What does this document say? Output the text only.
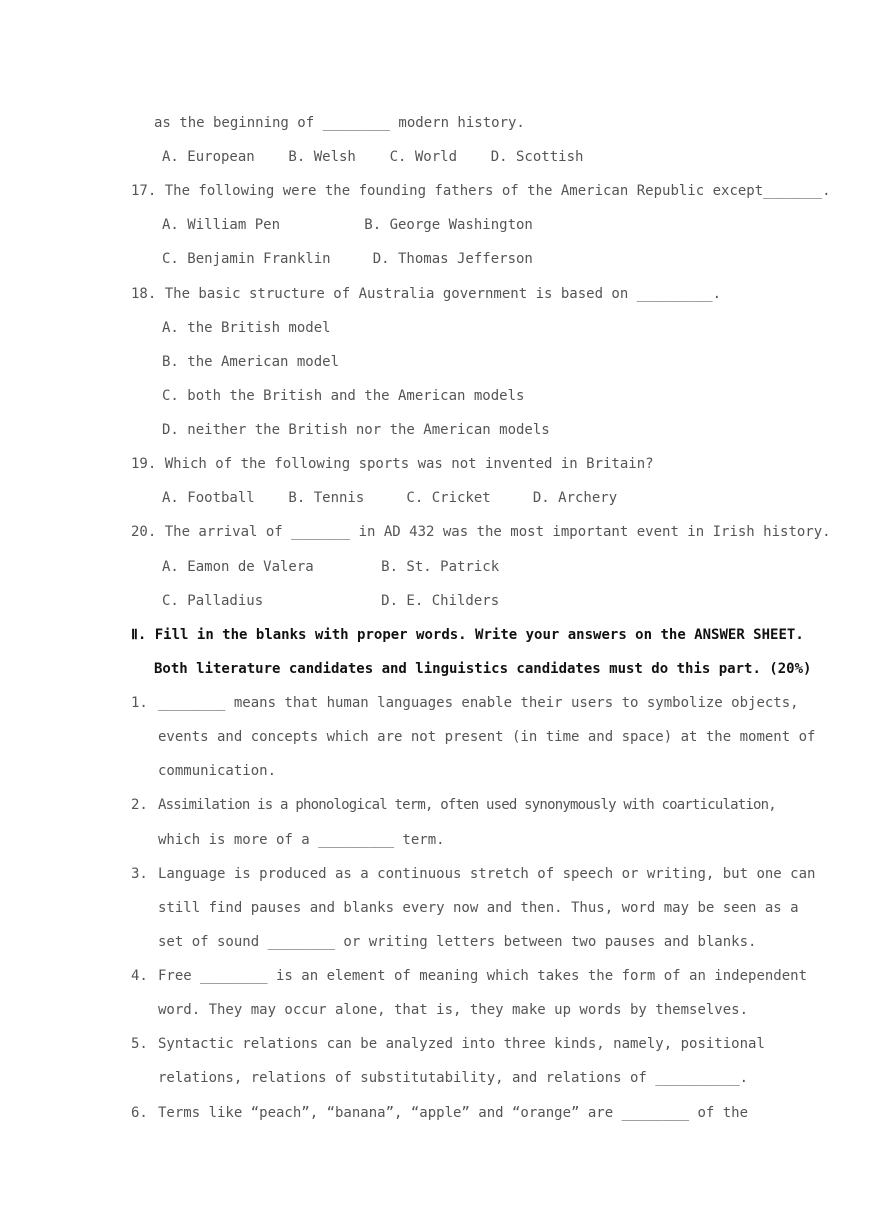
as the beginning of ________ modern history.
A. European    B. Welsh    C. World    D. Scottish
17. The following were the founding fathers of the American Republic except_______.
A. William Pen          B. George Washington
C. Benjamin Franklin     D. Thomas Jefferson
18. The basic structure of Australia government is based on _________.
A. the British model
B. the American model
C. both the British and the American models
D. neither the British nor the American models
19. Which of the following sports was not invented in Britain?
A. Football    B. Tennis     C. Cricket     D. Archery
20. The arrival of _______ in AD 432 was the most important event in Irish history.
A. Eamon de Valera        B. St. Patrick
C. Palladius              D. E. Childers
Ⅱ. Fill in the blanks with proper words. Write your answers on the ANSWER SHEET.
Both literature candidates and linguistics candidates must do this part. (20%)
1. ________ means that human languages enable their users to symbolize objects,
events and concepts which are not present (in time and space) at the moment of
communication.
2. Assimilation is a phonological term, often used synonymously with coarticulation,
which is more of a _________ term.
3. Language is produced as a continuous stretch of speech or writing, but one can
still find pauses and blanks every now and then. Thus, word may be seen as a
set of sound ________ or writing letters between two pauses and blanks.
4. Free ________ is an element of meaning which takes the form of an independent
word. They may occur alone, that is, they make up words by themselves.
5. Syntactic relations can be analyzed into three kinds, namely, positional
relations, relations of substitutability, and relations of __________.
6. Terms like “peach”, “banana”, “apple” and “orange” are ________ of the
